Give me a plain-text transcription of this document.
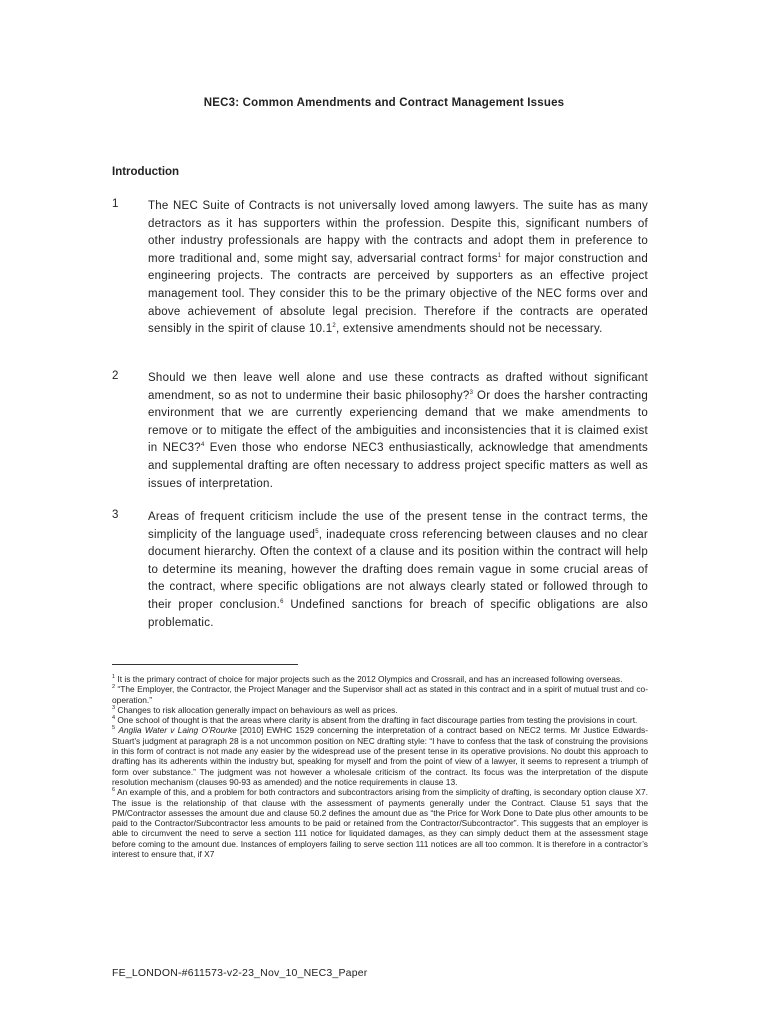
NEC3: Common Amendments and Contract Management Issues
Introduction
1	The NEC Suite of Contracts is not universally loved among lawyers. The suite has as many detractors as it has supporters within the profession. Despite this, significant numbers of other industry professionals are happy with the contracts and adopt them in preference to more traditional and, some might say, adversarial contract forms$^1$ for major construction and engineering projects. The contracts are perceived by supporters as an effective project management tool. They consider this to be the primary objective of the NEC forms over and above achievement of absolute legal precision. Therefore if the contracts are operated sensibly in the spirit of clause 10.1$^2$, extensive amendments should not be necessary.
2	Should we then leave well alone and use these contracts as drafted without significant amendment, so as not to undermine their basic philosophy?$^3$ Or does the harsher contracting environment that we are currently experiencing demand that we make amendments to remove or to mitigate the effect of the ambiguities and inconsistencies that it is claimed exist in NEC3?$^4$ Even those who endorse NEC3 enthusiastically, acknowledge that amendments and supplemental drafting are often necessary to address project specific matters as well as issues of interpretation.
3	Areas of frequent criticism include the use of the present tense in the contract terms, the simplicity of the language used$^5$, inadequate cross referencing between clauses and no clear document hierarchy. Often the context of a clause and its position within the contract will help to determine its meaning, however the drafting does remain vague in some crucial areas of the contract, where specific obligations are not always clearly stated or followed through to their proper conclusion.$^6$ Undefined sanctions for breach of specific obligations are also problematic.

$^1$ It is the primary contract of choice for major projects such as the 2012 Olympics and Crossrail, and has an increased following overseas.

$^2$ “The Employer, the Contractor, the Project Manager and the Supervisor shall act as stated in this contract and in a spirit of mutual trust and co-operation.”

$^3$ Changes to risk allocation generally impact on behaviours as well as prices.

$^4$ One school of thought is that the areas where clarity is absent from the drafting in fact discourage parties from testing the provisions in court.

$^5$ Anglia Water v Laing O’Rourke [2010] EWHC 1529 concerning the interpretation of a contract based on NEC2 terms. Mr Justice Edwards-Stuart’s judgment at paragraph 28 is a not uncommon position on NEC drafting style: “I have to confess that the task of construing the provisions in this form of contract is not made any easier by the widespread use of the present tense in its operative provisions. No doubt this approach to drafting has its adherents within the industry but, speaking for myself and from the point of view of a lawyer, it seems to represent a triumph of form over substance.” The judgment was not however a wholesale criticism of the contract. Its focus was the interpretation of the dispute resolution mechanism (clauses 90-93 as amended) and the notice requirements in clause 13.

$^6$ An example of this, and a problem for both contractors and subcontractors arising from the simplicity of drafting, is secondary option clause X7. The issue is the relationship of that clause with the assessment of payments generally under the Contract. Clause 51 says that the PM/Contractor assesses the amount due and clause 50.2 defines the amount due as “the Price for Work Done to Date plus other amounts to be paid to the Contractor/Subcontractor less amounts to be paid or retained from the Contractor/Subcontractor”. This suggests that an employer is able to circumvent the need to serve a section 111 notice for liquidated damages, as they can simply deduct them at the assessment stage before coming to the amount due. Instances of employers failing to serve section 111 notices are all too common. It is therefore in a contractor’s interest to ensure that, if X7

FE_LONDON-#611573-v2-23_Nov_10_NEC3_Paper
